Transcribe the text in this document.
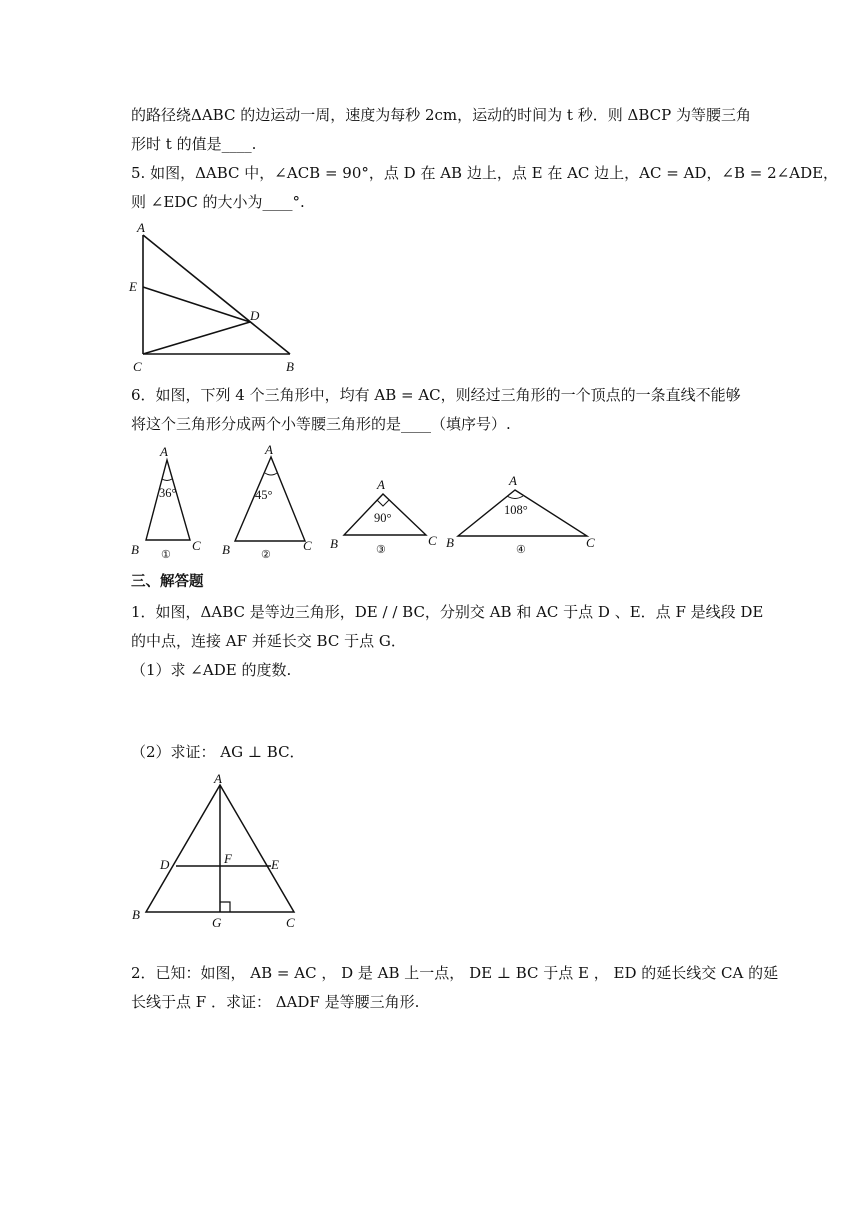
的路径绕ΔABC 的边运动一周，速度为每秒 2cm，运动的时间为 t 秒．则 ΔBCP 为等腰三角
形时 t 的值是____.
5. 如图，ΔABC 中，∠ACB = 90°，点 D 在 AB 边上，点 E 在 AC 边上，AC = AD，∠B = 2∠ADE，
则 ∠EDC 的大小为____°.
A
E
D
C	B
6．如图，下列 4 个三角形中，均有 AB = AC，则经过三角形的一个顶点的一条直线不能够
将这个三角形分成两个小等腰三角形的是____（填序号）.
A
36°
B	C
①
A
45°
B	C
②
A
90°
B	C
③
A
108°
B	C
④
三、解答题
1．如图，ΔABC 是等边三角形，DE / / BC，分别交 AB 和 AC 于点 D 、E．点 F 是线段 DE
的中点，连接 AF 并延长交 BC 于点 G．
（1）求 ∠ADE 的度数.
（2）求证： AG ⊥ BC．
A
D	F	E
B
G	C
2．已知：如图， AB = AC ， D 是 AB 上一点， DE ⊥ BC 于点 E ， ED 的延长线交 CA 的延
长线于点 F ．求证： ΔADF 是等腰三角形.
